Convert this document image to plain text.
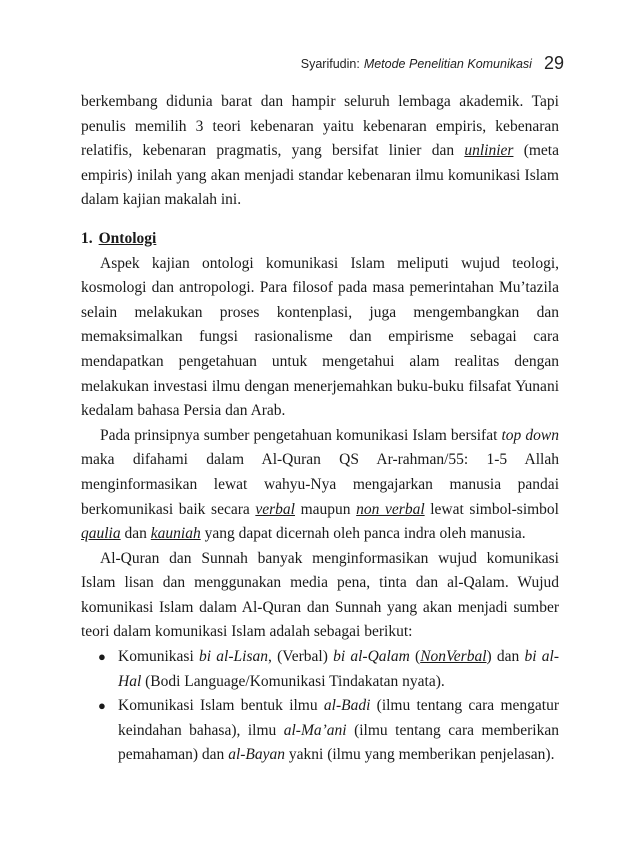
Syarifudin: Metode Penelitian Komunikasi 29

berkembang didunia barat dan hampir seluruh lembaga akademik. Tapi penulis memilih 3 teori kebenaran yaitu kebenaran empiris, kebenaran relatifis, kebenaran pragmatis, yang bersifat linier dan unlinier (meta empiris) inilah yang akan menjadi standar kebenaran ilmu komunikasi Islam dalam kajian makalah ini.

1. Ontologi

Aspek kajian ontologi komunikasi Islam meliputi wujud teologi, kosmologi dan antropologi. Para filosof pada masa pemerintahan Mu’tazila selain melakukan proses kontenplasi, juga mengembangkan dan memaksimalkan fungsi rasionalisme dan empirisme sebagai cara mendapatkan pengetahuan untuk mengetahui alam realitas dengan melakukan investasi ilmu dengan menerjemahkan buku-buku filsafat Yunani kedalam bahasa Persia dan Arab.

Pada prinsipnya sumber pengetahuan komunikasi Islam bersifat top down maka difahami dalam Al-Quran QS Ar-rahman/55: 1-5 Allah menginformasikan lewat wahyu-Nya mengajarkan manusia pandai berkomunikasi baik secara verbal maupun non verbal lewat simbol-simbol qaulia dan kauniah yang dapat dicernah oleh panca indra oleh manusia.

Al-Quran dan Sunnah banyak menginformasikan wujud komunikasi Islam lisan dan menggunakan media pena, tinta dan al-Qalam. Wujud komunikasi Islam dalam Al-Quran dan Sunnah yang akan menjadi sumber teori dalam komunikasi Islam adalah sebagai berikut:

● Komunikasi bi al-Lisan, (Verbal) bi al-Qalam (NonVerbal) dan bi al-Hal (Bodi Language/Komunikasi Tindakatan nyata).
● Komunikasi Islam bentuk ilmu al-Badi (ilmu tentang cara mengatur keindahan bahasa), ilmu al-Ma’ani (ilmu tentang cara memberikan pemahaman) dan al-Bayan yakni (ilmu yang memberikan penjelasan).
